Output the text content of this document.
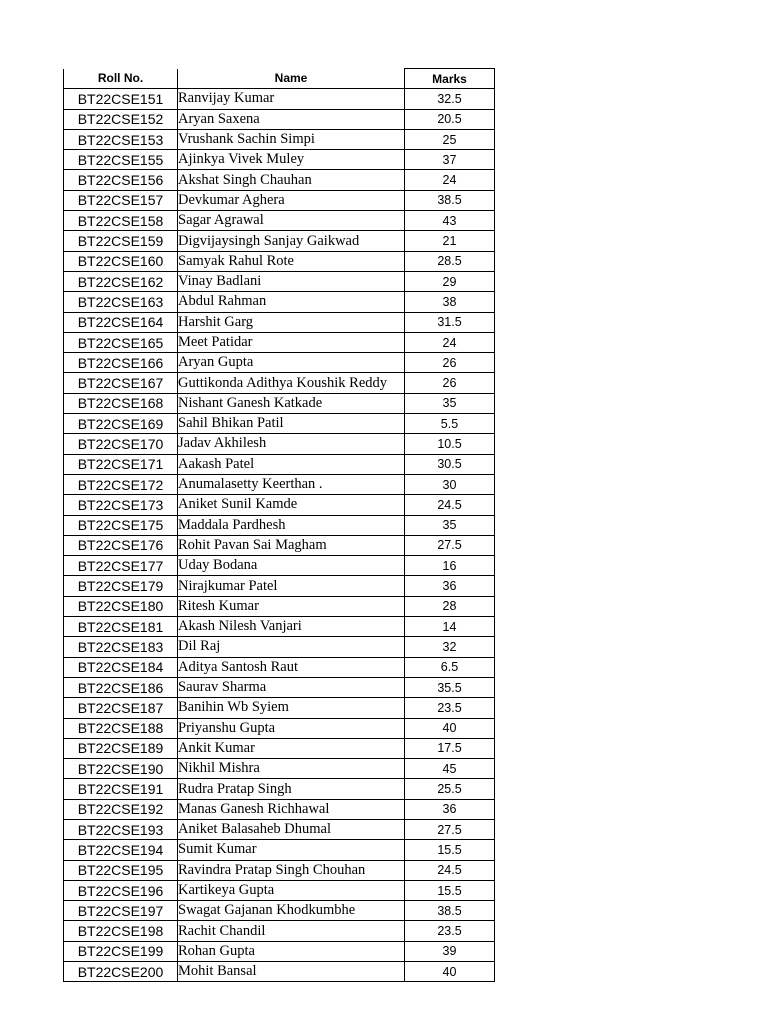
Roll No.	Name	Marks
BT22CSE151	Ranvijay Kumar	32.5
BT22CSE152	Aryan Saxena	20.5
BT22CSE153	Vrushank Sachin Simpi	25
BT22CSE155	Ajinkya Vivek Muley	37
BT22CSE156	Akshat Singh Chauhan	24
BT22CSE157	Devkumar Aghera	38.5
BT22CSE158	Sagar Agrawal	43
BT22CSE159	Digvijaysingh Sanjay Gaikwad	21
BT22CSE160	Samyak Rahul Rote	28.5
BT22CSE162	Vinay Badlani	29
BT22CSE163	Abdul Rahman	38
BT22CSE164	Harshit Garg	31.5
BT22CSE165	Meet Patidar	24
BT22CSE166	Aryan Gupta	26
BT22CSE167	Guttikonda Adithya Koushik Reddy	26
BT22CSE168	Nishant Ganesh Katkade	35
BT22CSE169	Sahil Bhikan Patil	5.5
BT22CSE170	Jadav Akhilesh	10.5
BT22CSE171	Aakash Patel	30.5
BT22CSE172	Anumalasetty Keerthan .	30
BT22CSE173	Aniket Sunil Kamde	24.5
BT22CSE175	Maddala Pardhesh	35
BT22CSE176	Rohit Pavan Sai Magham	27.5
BT22CSE177	Uday Bodana	16
BT22CSE179	Nirajkumar Patel	36
BT22CSE180	Ritesh Kumar	28
BT22CSE181	Akash Nilesh Vanjari	14
BT22CSE183	Dil Raj	32
BT22CSE184	Aditya Santosh Raut	6.5
BT22CSE186	Saurav Sharma	35.5
BT22CSE187	Banihin Wb Syiem	23.5
BT22CSE188	Priyanshu Gupta	40
BT22CSE189	Ankit Kumar	17.5
BT22CSE190	Nikhil Mishra	45
BT22CSE191	Rudra Pratap Singh	25.5
BT22CSE192	Manas Ganesh Richhawal	36
BT22CSE193	Aniket Balasaheb Dhumal	27.5
BT22CSE194	Sumit Kumar	15.5
BT22CSE195	Ravindra Pratap Singh Chouhan	24.5
BT22CSE196	Kartikeya Gupta	15.5
BT22CSE197	Swagat Gajanan Khodkumbhe	38.5
BT22CSE198	Rachit Chandil	23.5
BT22CSE199	Rohan Gupta	39
BT22CSE200	Mohit Bansal	40
